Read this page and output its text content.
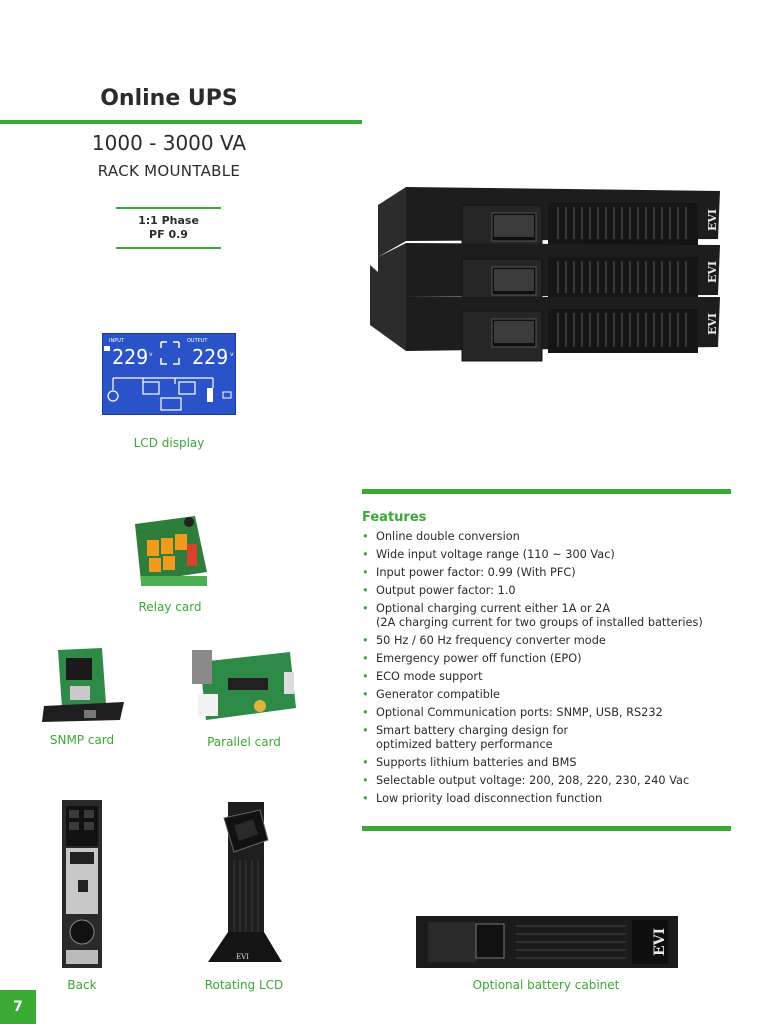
Online UPS
1000 - 3000 VA
RACK MOUNTABLE
1:1 Phase
PF 0.9
INPUT	OUTPUT
229 v 229 v
LCD display
EVI
EVI
EVI
Relay card
SNMP card	Parallel card
Back
EVI
Rotating LCD
EVI
Optional battery cabinet
Features
• Online double conversion
• Wide input voltage range (110 ~ 300 Vac)
• Input power factor: 0.99 (With PFC)
• Output power factor: 1.0
• Optional charging current either 1A or 2A
(2A charging current for two groups of installed batteries)
• 50 Hz / 60 Hz frequency converter mode
• Emergency power off function (EPO)
• ECO mode support
• Generator compatible
• Optional Communication ports: SNMP, USB, RS232
• Smart battery charging design for
optimized battery performance
• Supports lithium batteries and BMS
• Selectable output voltage: 200, 208, 220, 230, 240 Vac
• Low priority load disconnection function
7
